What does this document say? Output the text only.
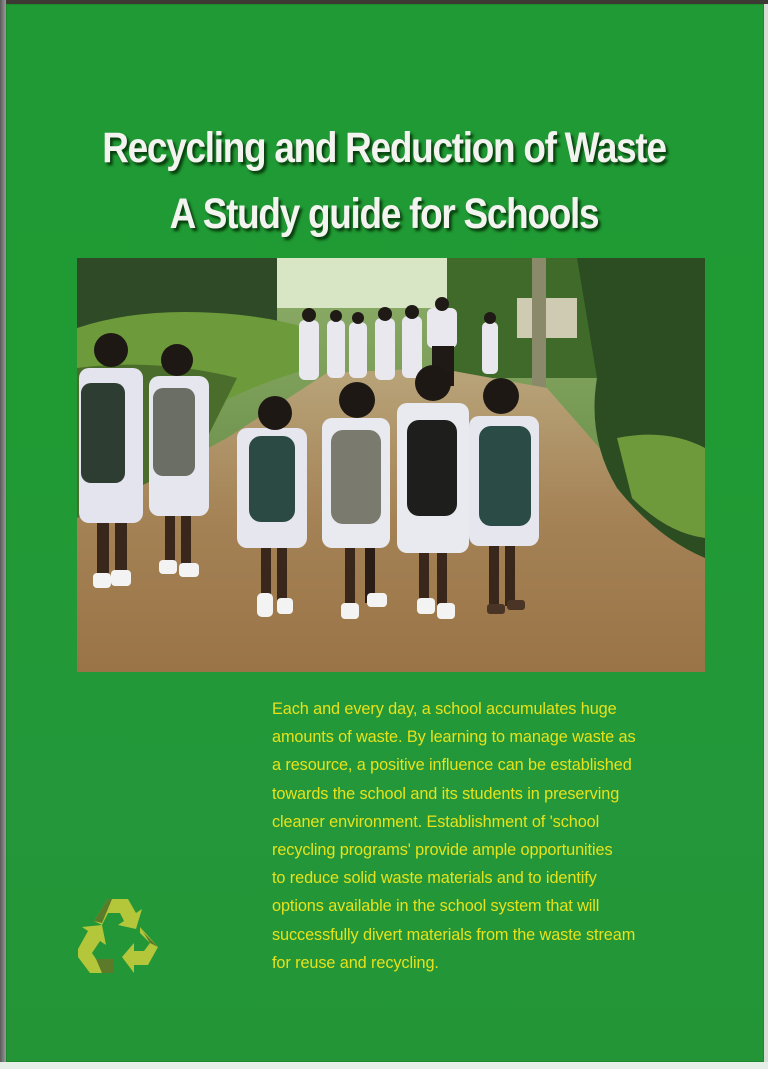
Recycling and Reduction of Waste
A Study guide for Schools
Each and every day, a school accumulates huge
amounts of waste. By learning to manage waste as
a resource, a positive influence can be established
towards the school and its students in preserving
cleaner environment. Establishment of 'school
recycling programs' provide ample opportunities
to reduce solid waste materials and to identify
options available in the school system that will
successfully divert materials from the waste stream
for reuse and recycling.
